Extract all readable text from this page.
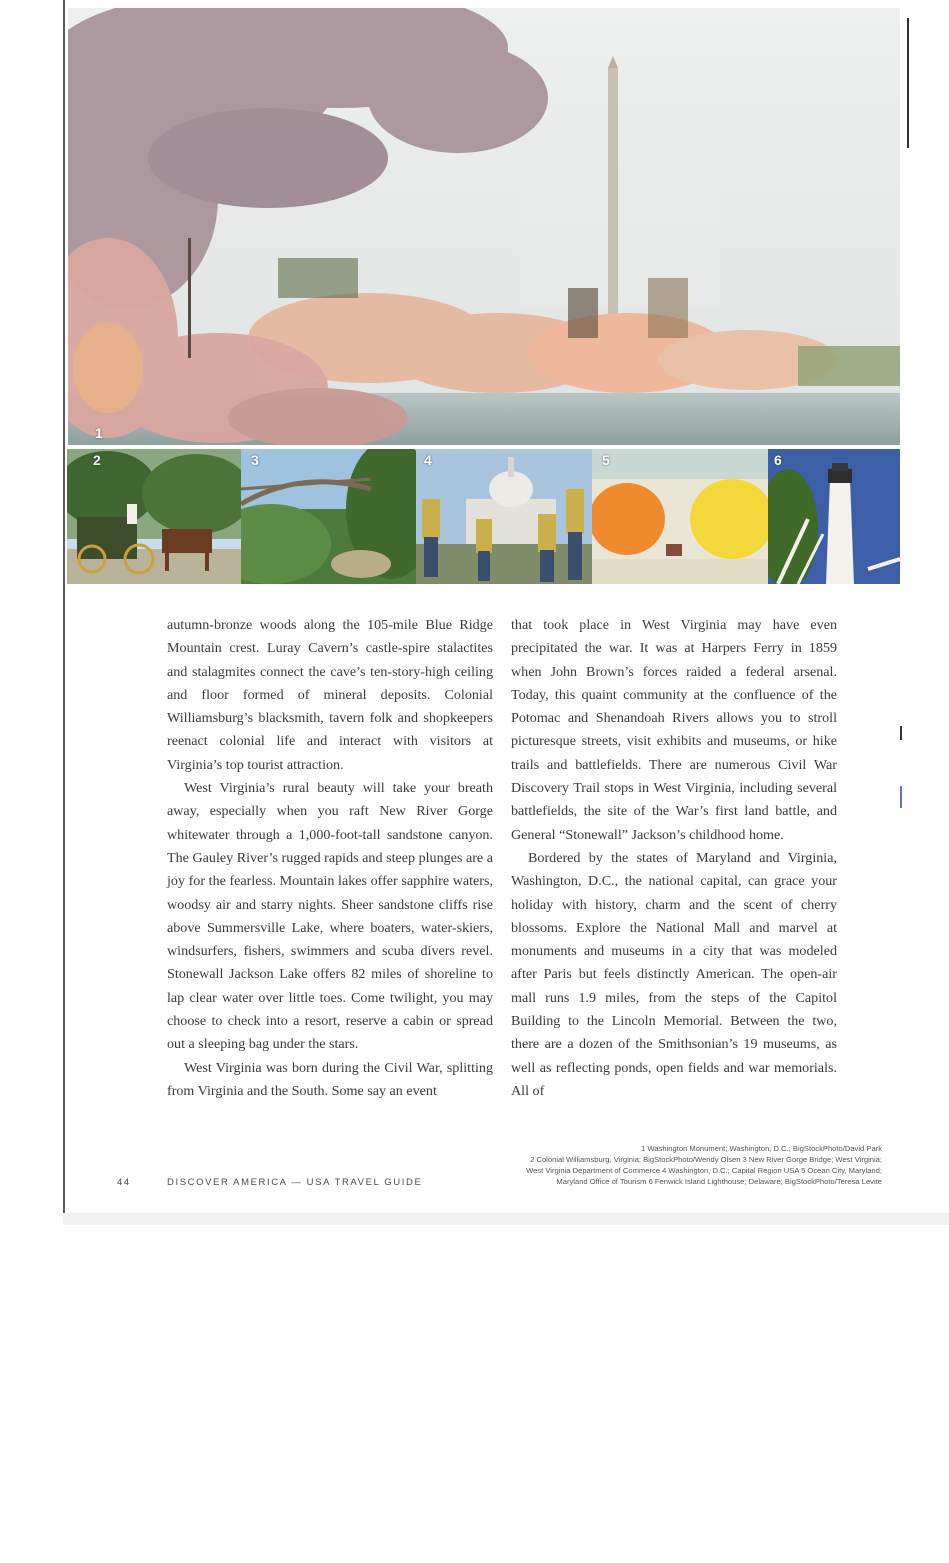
1
2	3	4	5	6

autumn-bronze woods along the 105-mile Blue Ridge Mountain crest. Luray Cavern’s castle-spire stalactites and stalagmites connect the cave’s ten-story-high ceiling and floor formed of mineral deposits. Colonial Williamsburg’s blacksmith, tavern folk and shopkeepers reenact colonial life and interact with visitors at Virginia’s top tourist attraction.

West Virginia’s rural beauty will take your breath away, especially when you raft New River Gorge whitewater through a 1,000-foot-tall sandstone canyon. The Gauley River’s rugged rapids and steep plunges are a joy for the fearless. Mountain lakes offer sapphire waters, woodsy air and starry nights. Sheer sandstone cliffs rise above Summersville Lake, where boaters, water-skiers, windsurfers, fishers, swimmers and scuba divers revel. Stonewall Jackson Lake offers 82 miles of shoreline to lap clear water over little toes. Come twilight, you may choose to check into a resort, reserve a cabin or spread out a sleeping bag under the stars.

West Virginia was born during the Civil War, splitting from Virginia and the South. Some say an event

that took place in West Virginia may have even precipitated the war. It was at Harpers Ferry in 1859 when John Brown’s forces raided a federal arsenal. Today, this quaint community at the confluence of the Potomac and Shenandoah Rivers allows you to stroll picturesque streets, visit exhibits and museums, or hike trails and battlefields. There are numerous Civil War Discovery Trail stops in West Virginia, including several battlefields, the site of the War’s first land battle, and General “Stonewall” Jackson’s childhood home.

Bordered by the states of Maryland and Virginia, Washington, D.C., the national capital, can grace your holiday with history, charm and the scent of cherry blossoms. Explore the National Mall and marvel at monuments and museums in a city that was modeled after Paris but feels distinctly American. The open-air mall runs 1.9 miles, from the steps of the Capitol Building to the Lincoln Memorial. Between the two, there are a dozen of the Smithsonian’s 19 museums, as well as reflecting ponds, open fields and war memorials. All of

44	DISCOVER AMERICA — USA TRAVEL GUIDE
1 Washington Monument; Washington, D.C.; BigStockPhoto/David Park
2 Colonial Williamsburg, Virginia; BigStockPhoto/Wendy Olsen 3 New River Gorge Bridge; West Virginia;
West Virginia Department of Commerce 4 Washington, D.C.; Capital Region USA 5 Ocean City, Maryland;
Maryland Office of Tourism 6 Fenwick Island Lighthouse; Delaware; BigStockPhoto/Teresa Levite
